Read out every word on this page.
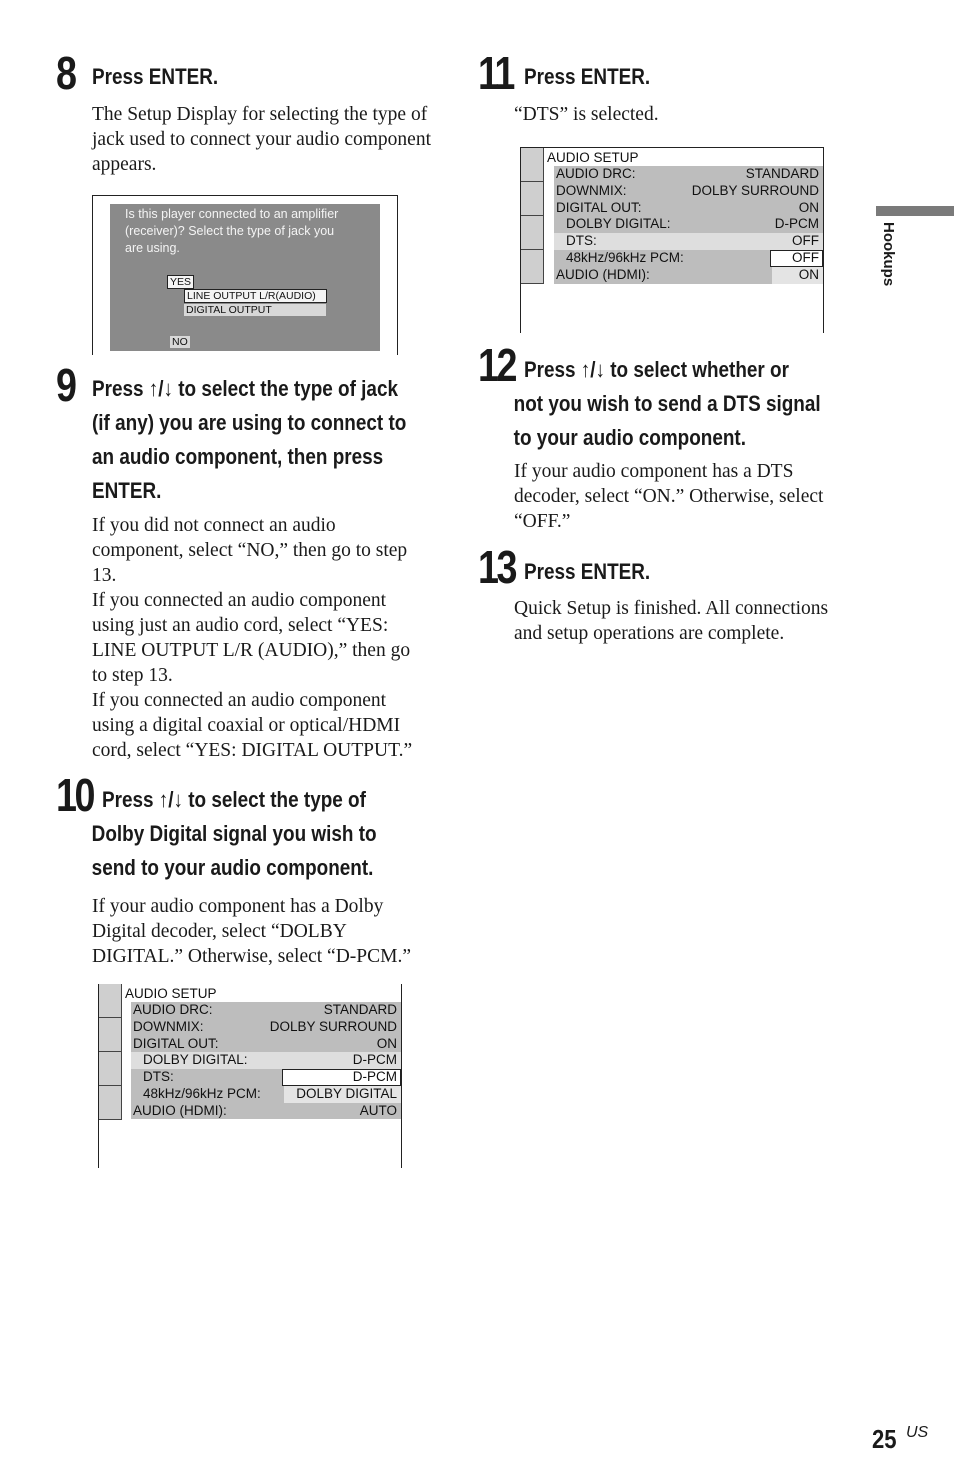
8 Press ENTER.
The Setup Display for selecting the type of jack used to connect your audio component appears.
Is this player connected to an amplifier
(receiver)? Select the type of jack you
are using.
YES
LINE OUTPUT L/R(AUDIO)
DIGITAL OUTPUT
NO
9 Press ↑/↓ to select the type of jack
(if any) you are using to connect to
an audio component, then press
ENTER.

If you did not connect an audio

component, select “NO,” then go to step

13.

If you connected an audio component

using just an audio cord, select “YES:

LINE OUTPUT L/R (AUDIO),” then go

to step 13.

If you connected an audio component

using a digital coaxial or optical/HDMI

cord, select “YES: DIGITAL OUTPUT.”

10 Press ↑/↓ to select the type of
Dolby Digital signal you wish to
send to your audio component.

If your audio component has a Dolby

Digital decoder, select “DOLBY

DIGITAL.” Otherwise, select “D-PCM.”

AUDIO SETUP
AUDIO DRC:	STANDARD
DOWNMIX:	DOLBY SURROUND
DIGITAL OUT:	ON
DOLBY DIGITAL:	D-PCM
DTS:	D-PCM
48kHz/96kHz PCM:	DOLBY DIGITAL
AUDIO (HDMI):	AUTO
11 Press ENTER.
“DTS” is selected.
AUDIO SETUP
AUDIO DRC:	STANDARD
DOWNMIX:	DOLBY SURROUND
DIGITAL OUT:	ON
DOLBY DIGITAL:	D-PCM
DTS:	OFF
48kHz/96kHz PCM:	OFF
AUDIO (HDMI):	ON
12 Press ↑/↓ to select whether or
not you wish to send a DTS signal
to your audio component.

If your audio component has a DTS

decoder, select “ON.” Otherwise, select

“OFF.”

13 Press ENTER.

Quick Setup is finished. All connections

and setup operations are complete.

Hookups
25 US
